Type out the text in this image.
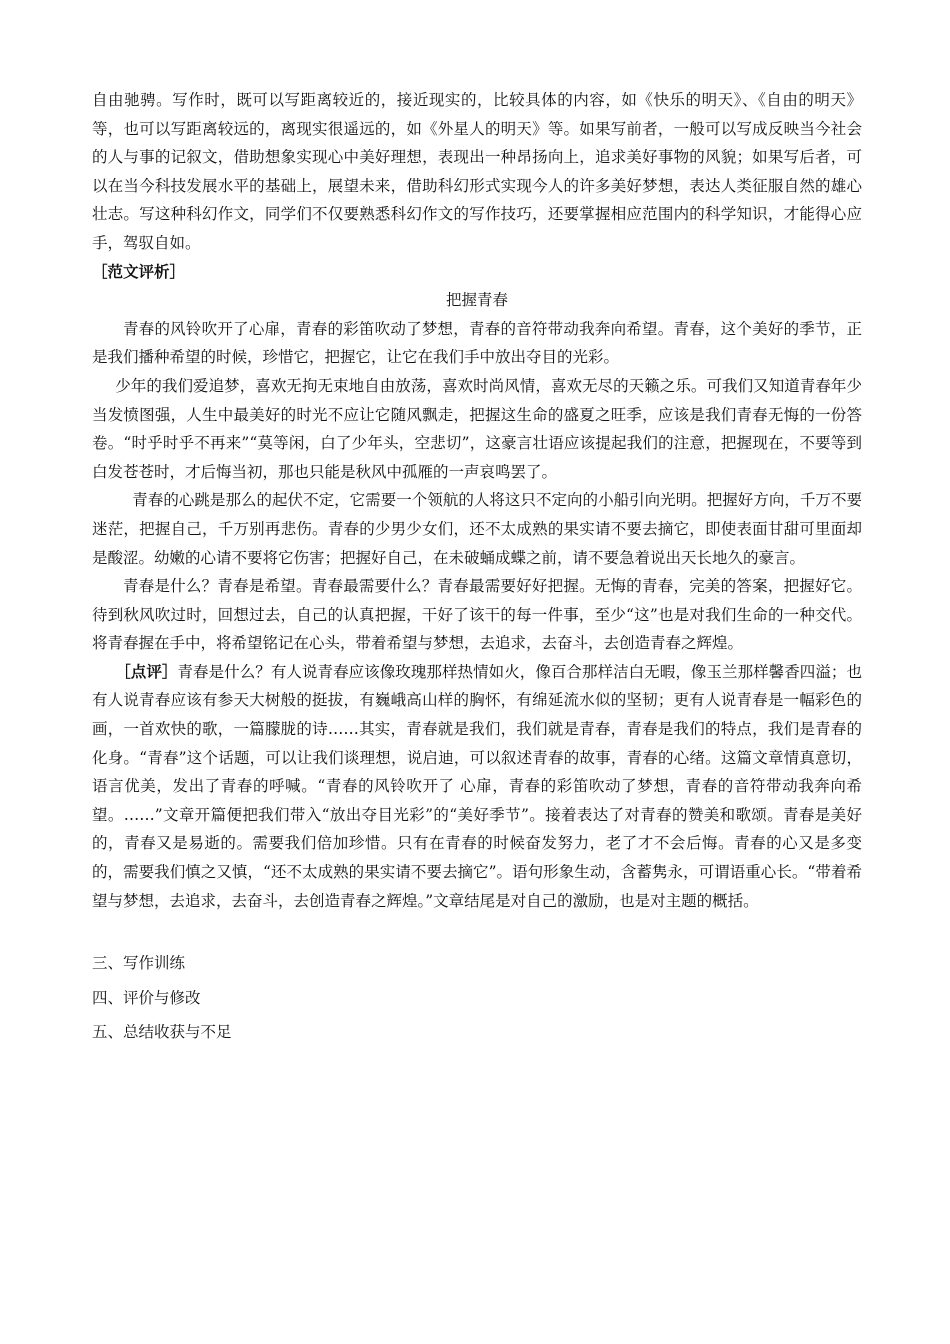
自由驰骋。写作时，既可以写距离较近的，接近现实的，比较具体的内容，如《快乐的明天》、《自由的明天》等，也可以写距离较远的，离现实很遥远的，如《外星人的明天》等。如果写前者，一般可以写成反映当今社会的人与事的记叙文，借助想象实现心中美好理想，表现出一种昂扬向上，追求美好事物的风貌；如果写后者，可以在当今科技发展水平的基础上，展望未来，借助科幻形式实现今人的许多美好梦想，表达人类征服自然的雄心壮志。写这种科幻作文，同学们不仅要熟悉科幻作文的写作技巧，还要掌握相应范围内的科学知识，才能得心应手，驾驭自如。

［范文评析］

把握青春

青春的风铃吹开了心扉，青春的彩笛吹动了梦想，青春的音符带动我奔向希望。青春，这个美好的季节，正是我们播种希望的时候，珍惜它，把握它，让它在我们手中放出夺目的光彩。

少年的我们爱追梦，喜欢无拘无束地自由放荡，喜欢时尚风情，喜欢无尽的天籁之乐。可我们又知道青春年少当发愤图强，人生中最美好的时光不应让它随风飘走，把握这生命的盛夏之旺季，应该是我们青春无悔的一份答卷。“时乎时乎不再来”“莫等闲，白了少年头，空悲切”，这豪言壮语应该提起我们的注意，把握现在，不要等到白发苍苍时，才后悔当初，那也只能是秋风中孤雁的一声哀鸣罢了。

青春的心跳是那么的起伏不定，它需要一个领航的人将这只不定向的小船引向光明。把握好方向，千万不要迷茫，把握自己，千万别再悲伤。青春的少男少女们，还不太成熟的果实请不要去摘它，即使表面甘甜可里面却是酸涩。幼嫩的心请不要将它伤害；把握好自己，在未破蛹成蝶之前，请不要急着说出天长地久的豪言。

青春是什么？青春是希望。青春最需要什么？青春最需要好好把握。无悔的青春，完美的答案，把握好它。待到秋风吹过时，回想过去，自己的认真把握，干好了该干的每一件事，至少“这”也是对我们生命的一种交代。将青春握在手中，将希望铭记在心头，带着希望与梦想，去追求，去奋斗，去创造青春之辉煌。

［点评］青春是什么？有人说青春应该像玫瑰那样热情如火，像百合那样洁白无暇，像玉兰那样馨香四溢；也有人说青春应该有参天大树般的挺拔，有巍峨高山样的胸怀，有绵延流水似的坚韧；更有人说青春是一幅彩色的画，一首欢快的歌，一篇朦胧的诗……其实，青春就是我们，我们就是青春，青春是我们的特点，我们是青春的化身。“青春”这个话题，可以让我们谈理想，说启迪，可以叙述青春的故事，青春的心绪。这篇文章情真意切，语言优美，发出了青春的呼喊。“青春的风铃吹开了 心扉，青春的彩笛吹动了梦想，青春的音符带动我奔向希望。……”文章开篇便把我们带入“放出夺目光彩”的“美好季节”。接着表达了对青春的赞美和歌颂。青春是美好的，青春又是易逝的。需要我们倍加珍惜。只有在青春的时候奋发努力，老了才不会后悔。青春的心又是多变的，需要我们慎之又慎，“还不太成熟的果实请不要去摘它”。语句形象生动，含蓄隽永，可谓语重心长。“带着希望与梦想，去追求，去奋斗，去创造青春之辉煌。”文章结尾是对自己的激励，也是对主题的概括。

三、写作训练

四、评价与修改

五、总结收获与不足
